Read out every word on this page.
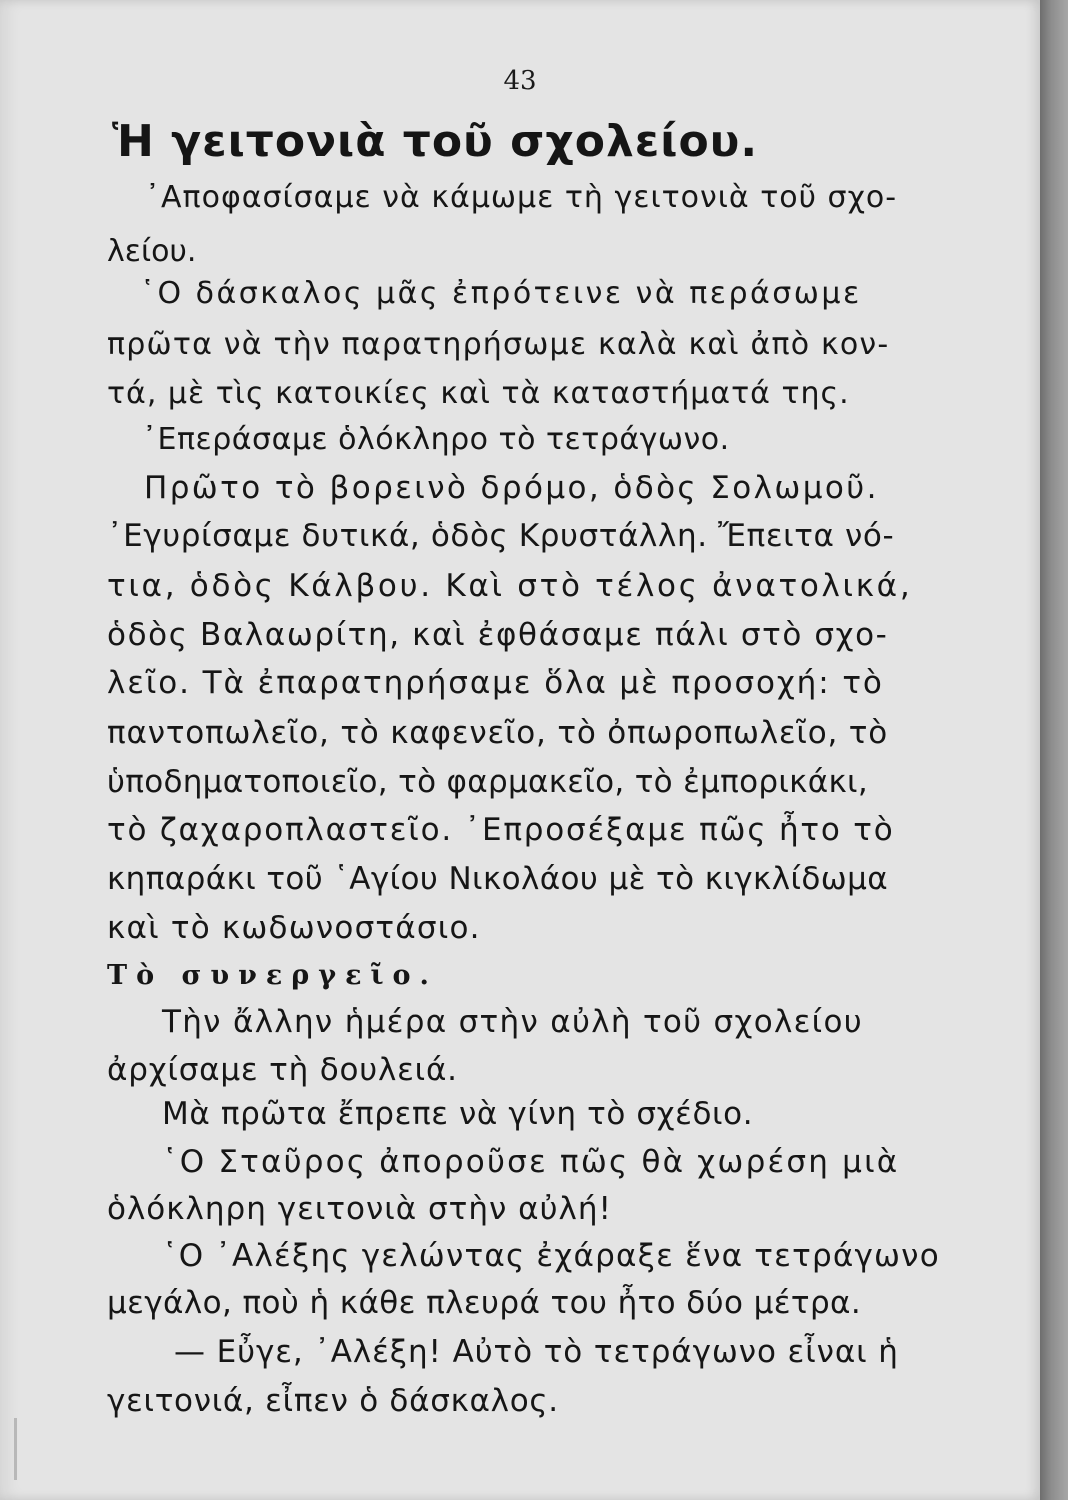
43
Ἡ γειτονιὰ τοῦ σχολείου.
᾿Αποφασίσαμε νὰ κάμωμε τὴ γειτονιὰ τοῦ σχο-
λείου.
῾Ο δάσκαλος μᾶς ἐπρότεινε νὰ περάσωμε
πρῶτα νὰ τὴν παρατηρήσωμε καλὰ καὶ ἀπὸ κον-
τά, μὲ τὶς κατοικίες καὶ τὰ καταστήματά της.
᾿Επεράσαμε ὁλόκληρο τὸ τετράγωνο.
Πρῶτο τὸ βορεινὸ δρόμο, ὁδὸς Σολωμοῦ.
᾿Εγυρίσαμε δυτικά, ὁδὸς Κρυστάλλη. Ἔπειτα νό-
τια, ὁδὸς Κάλβου. Καὶ στὸ τέλος ἀνατολικά,
ὁδὸς Βαλαωρίτη, καὶ ἐφθάσαμε πάλι στὸ σχο-
λεῖο. Τὰ ἐπαρατηρήσαμε ὅλα μὲ προσοχή: τὸ
παντοπωλεῖο, τὸ καφενεῖο, τὸ ὀπωροπωλεῖο, τὸ
ὑποδηματοποιεῖο, τὸ φαρμακεῖο, τὸ ἐμπορικάκι,
τὸ ζαχαροπλαστεῖο. ᾿Επροσέξαμε πῶς ἦτο τὸ
κηπαράκι τοῦ ῾Αγίου Νικολάου μὲ τὸ κιγκλίδωμα
καὶ τὸ κωδωνοστάσιο.
Τὸ συνεργεῖο.
Τὴν ἄλλην ἡμέρα στὴν αὐλὴ τοῦ σχολείου
ἀρχίσαμε τὴ δουλειά.
Μὰ πρῶτα ἔπρεπε νὰ γίνη τὸ σχέδιο.
῾Ο Σταῦρος ἀποροῦσε πῶς θὰ χωρέση μιὰ
ὁλόκληρη γειτονιὰ στὴν αὐλή!
῾Ο ᾿Αλέξης γελώντας ἐχάραξε ἕνα τετράγωνο
μεγάλο, ποὺ ἡ κάθε πλευρά του ἦτο δύο μέτρα.
— Εὖγε, ᾿Αλέξη! Αὐτὸ τὸ τετράγωνο εἶναι ἡ
γειτονιά, εἶπεν ὁ δάσκαλος.
